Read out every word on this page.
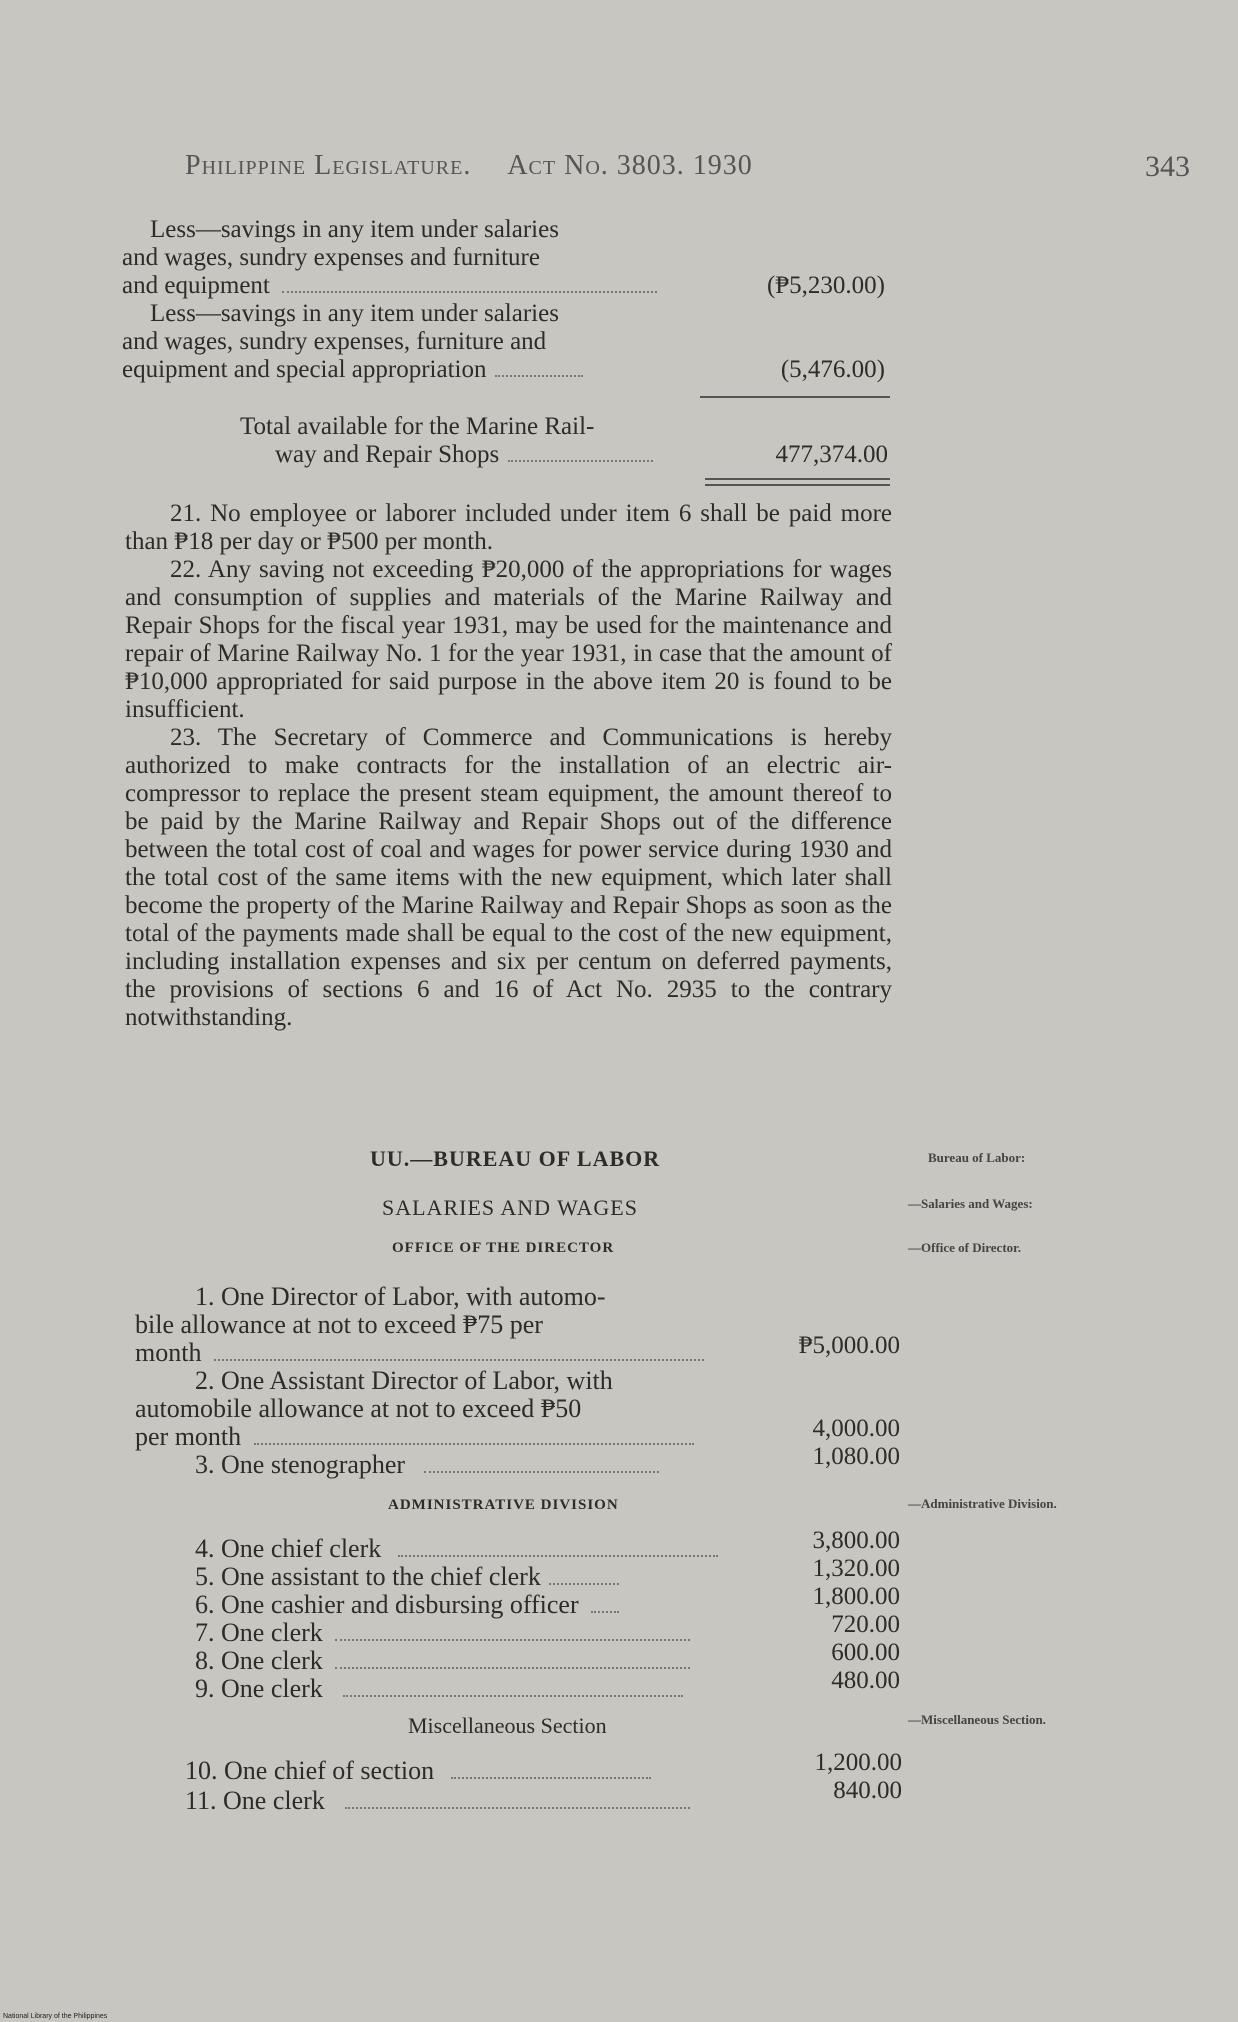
Philippine Legislature. Act No. 3803. 1930	343
Less—savings in any item under salaries
and wages, sundry expenses and furniture
and equipment	(₱5,230.00)
Less—savings in any item under salaries
and wages, sundry expenses, furniture and
equipment and special appropriation	(5,476.00)
Total available for the Marine Rail-
way and Repair Shops	477,374.00

21. No employee or laborer included under item 6 shall be paid more than ₱18 per day or ₱500 per month.

22. Any saving not exceeding ₱20,000 of the appropriations for wages and consumption of supplies and materials of the Marine Railway and Repair Shops for the fiscal year 1931, may be used for the maintenance and repair of Marine Railway No. 1 for the year 1931, in case that the amount of ₱10,000 appropriated for said purpose in the above item 20 is found to be insufficient.

23. The Secretary of Commerce and Communications is hereby authorized to make contracts for the installation of an electric air-compressor to replace the present steam equipment, the amount thereof to be paid by the Marine Railway and Repair Shops out of the difference between the total cost of coal and wages for power service during 1930 and the total cost of the same items with the new equipment, which later shall become the property of the Marine Railway and Repair Shops as soon as the total of the payments made shall be equal to the cost of the new equipment, including installation expenses and six per centum on deferred payments, the provisions of sections 6 and 16 of Act No. 2935 to the contrary notwithstanding.

UU.—BUREAU OF LABOR
SALARIES AND WAGES
OFFICE OF THE DIRECTOR
Bureau of Labor:
—Salaries and Wages:
—Office of Director.
1. One Director of Labor, with automo-
bile allowance at not to exceed ₱75 per
month	₱5,000.00
2. One Assistant Director of Labor, with
automobile allowance at not to exceed ₱50
per month	4,000.00
3. One stenographer	1,080.00
ADMINISTRATIVE DIVISION	—Administrative Division.
4. One chief clerk	3,800.00
5. One assistant to the chief clerk	1,320.00
6. One cashier and disbursing officer	1,800.00
7. One clerk	720.00
8. One clerk	600.00
9. One clerk	480.00
Miscellaneous Section	—Miscellaneous Section.
10. One chief of section	1,200.00
11. One clerk	840.00
National Library of the Philippines
